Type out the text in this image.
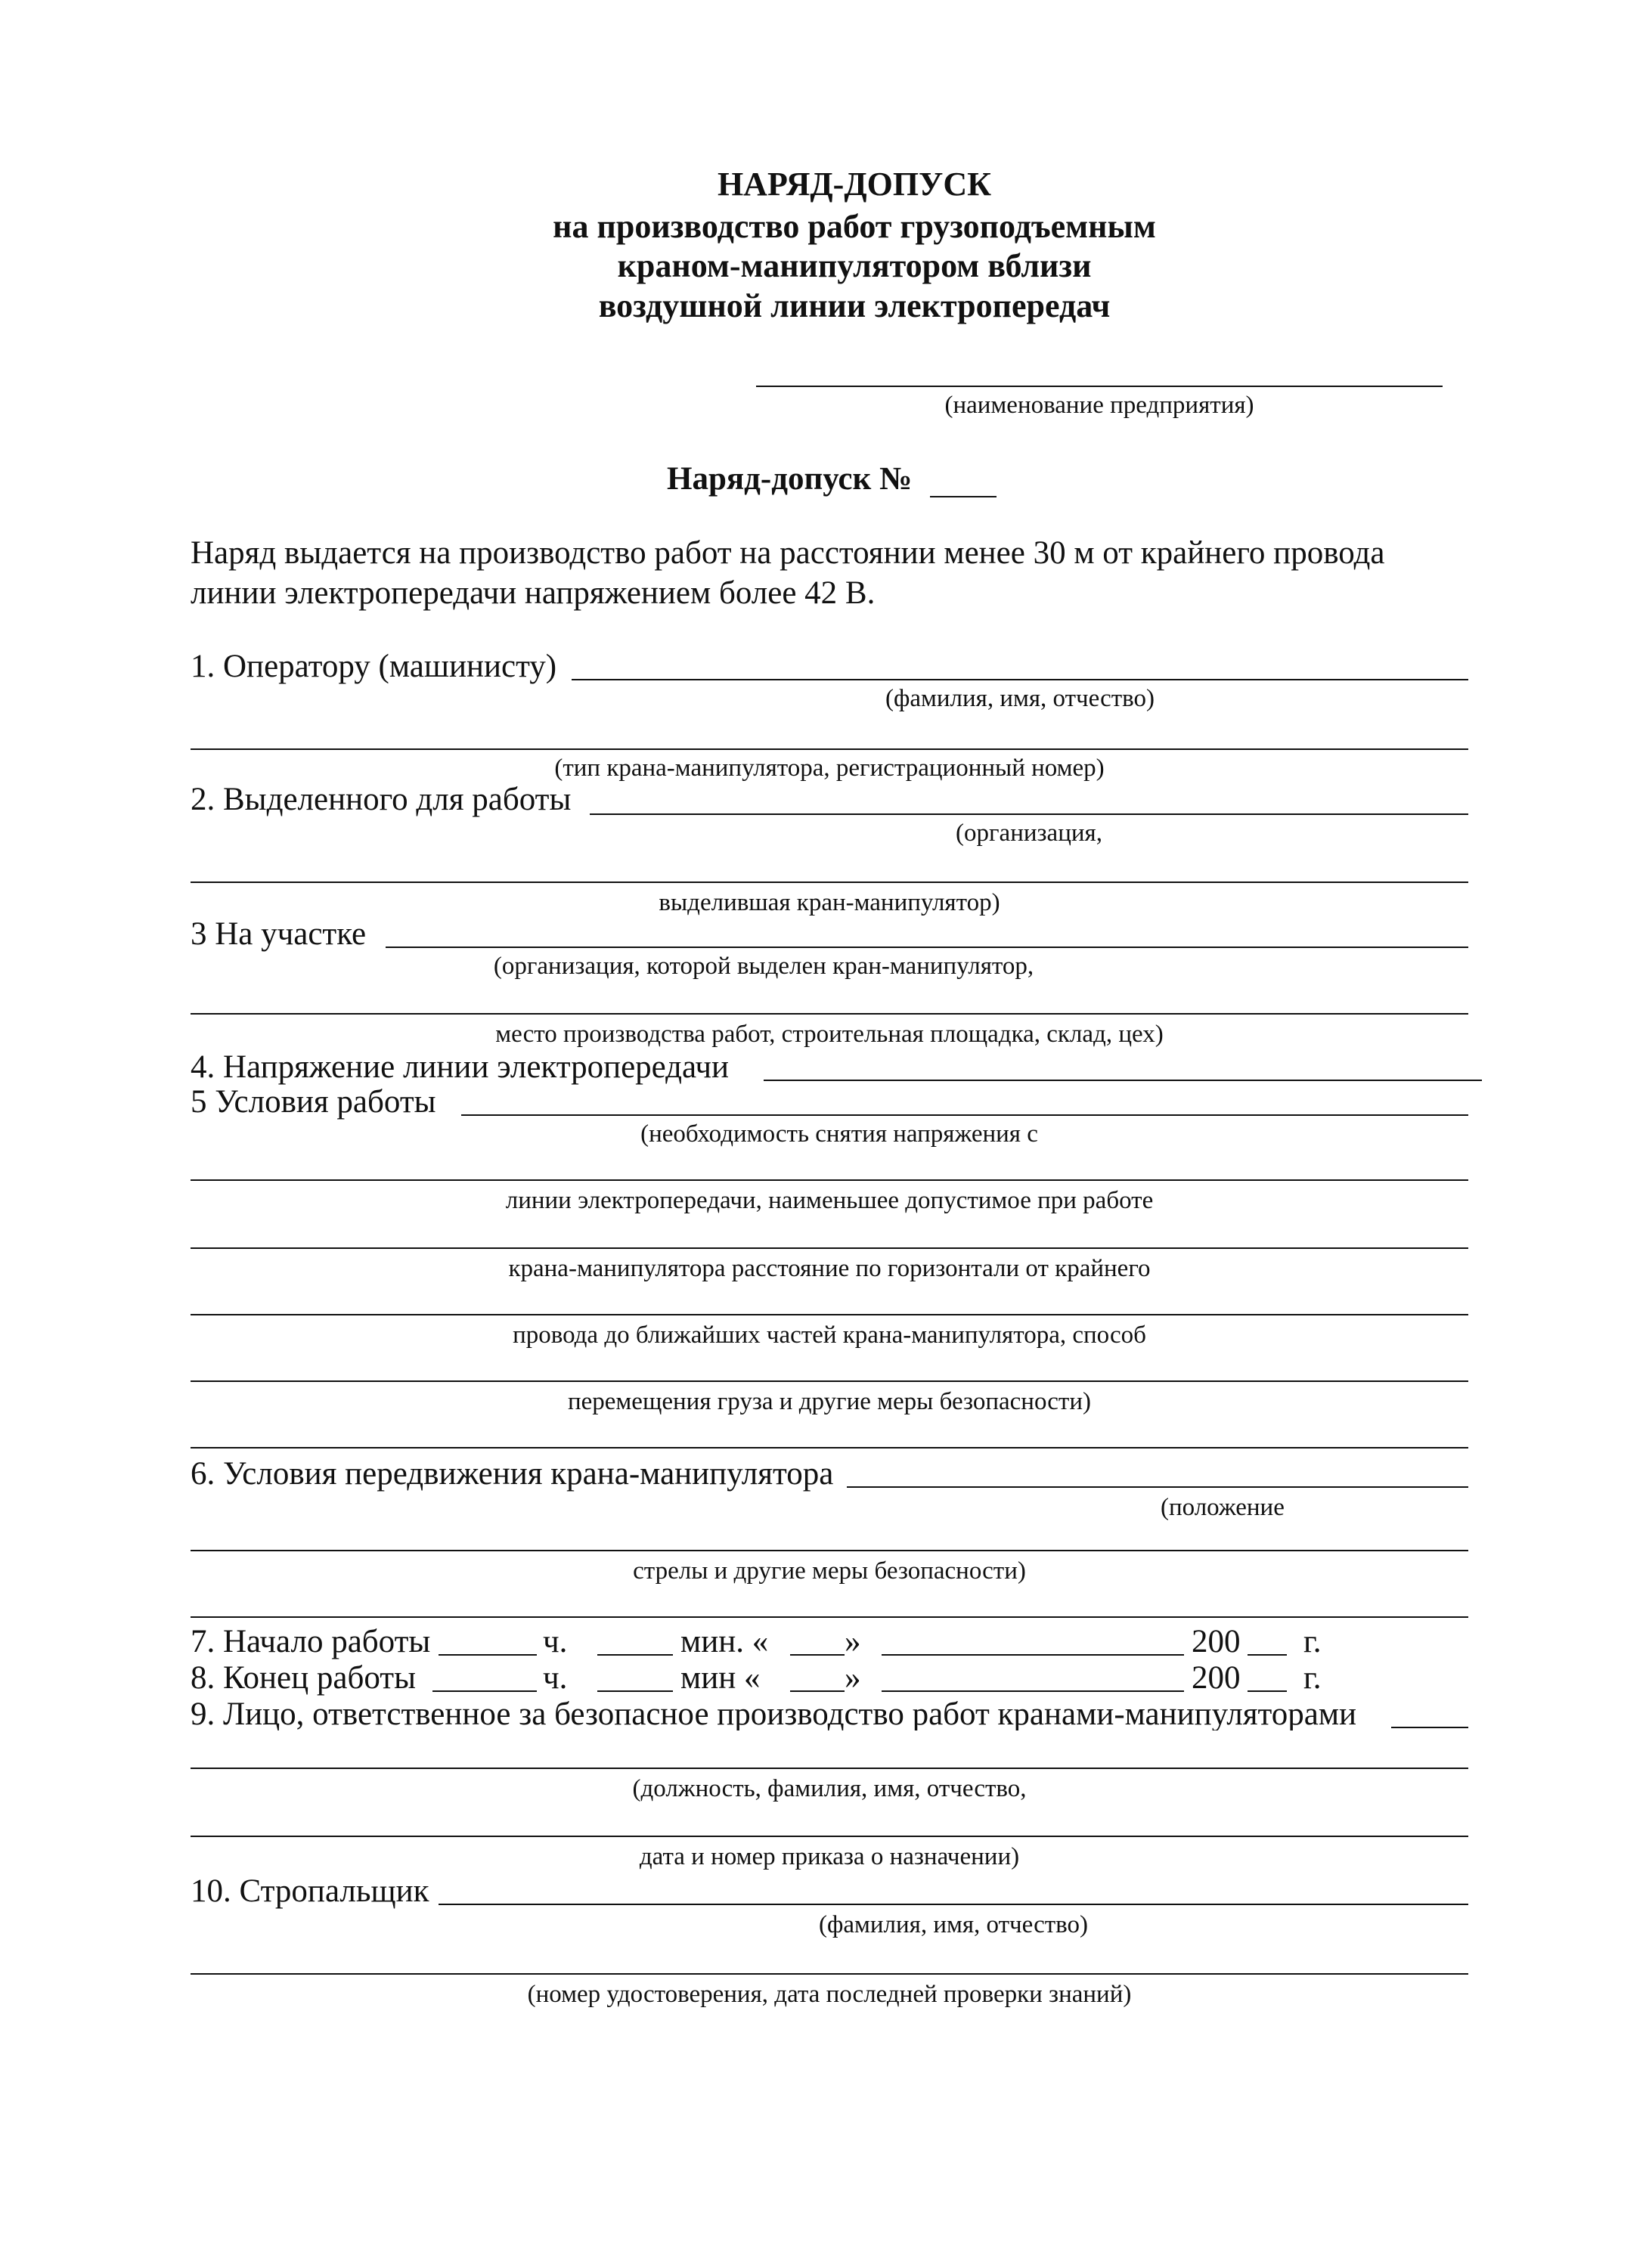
НАРЯД-ДОПУСК
на производство работ грузоподъемным
краном-манипулятором вблизи
воздушной линии электропередач
(наименование предприятия)
Наряд-допуск №
Наряд выдается на производство работ на расстоянии менее 30 м от крайнего провода
линии электропередачи напряжением более 42 В.
1. Оператору (машинисту)
(фамилия, имя, отчество)
(тип крана-манипулятора, регистрационный номер)
2. Выделенного для работы
(организация,
выделившая кран-манипулятор)
3 На участке
(организация, которой выделен кран-манипулятор,
место производства работ, строительная площадка, склад, цех)
4. Напряжение линии электропередачи
5 Условия работы
(необходимость снятия напряжения с
линии электропередачи, наименьшее допустимое при работе
крана-манипулятора расстояние по горизонтали от крайнего
провода до ближайших частей крана-манипулятора, способ
перемещения груза и другие меры безопасности)
6. Условия передвижения крана-манипулятора
(положение
стрелы и другие меры безопасности)
7. Начало работы	ч.	мин. « »	200 г.
8. Конец работы	ч.	мин «	»	200 г.
9. Лицо, ответственное за безопасное производство работ кранами-манипуляторами
(должность, фамилия, имя, отчество,
дата и номер приказа о назначении)
10. Стропальщик
(фамилия, имя, отчество)
(номер удостоверения, дата последней проверки знаний)
